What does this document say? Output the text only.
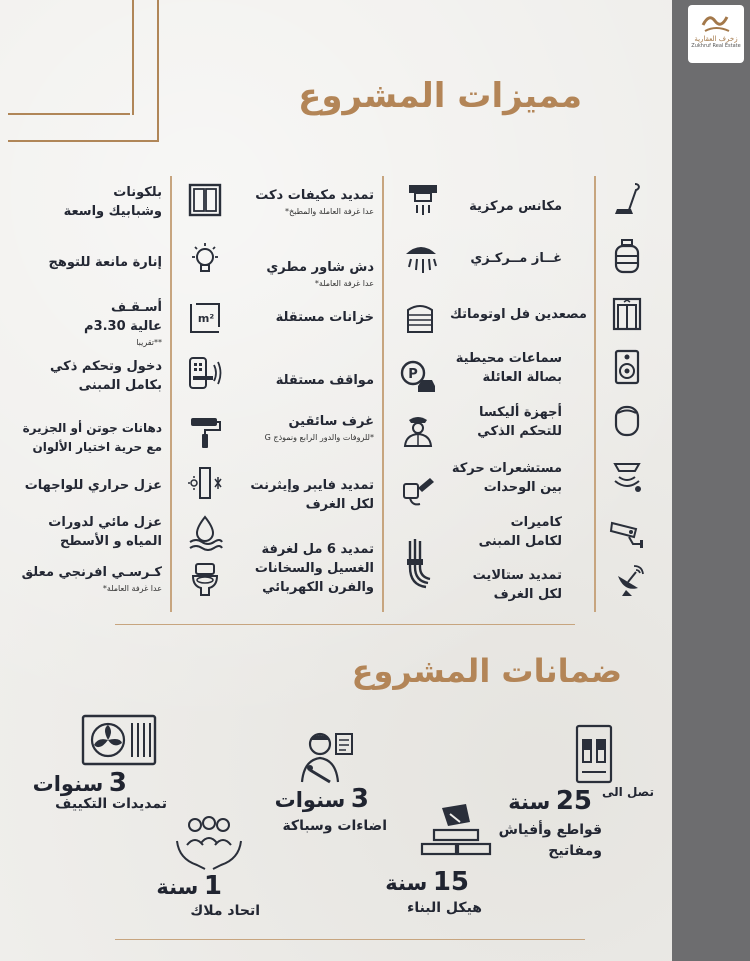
مميزات المشروع
مكانس مركزية
غــاز مــركـزي
مصعدين فل اوتوماتك
سماعات محيطية
بصالة العائلة
أجهزة أليكسا
للتحكم الذكي
مستشعرات حركة
بين الوحدات
كاميرات
لكامل المبنى
تمديد ستالايت
لكل الغرف
P
تمديد مكيفات دكت
عدا غرفة العاملة والمطبخ*
دش شاور مطري
عدا غرفة العاملة*
خزانات مستقلة
مواقف مستقلة
غرف سائقين
*للروفات والدور الرابع ونموذج G
تمديد فايبر وإيثرنت
لكل الغرف
تمديد 6 مل لغرفة
الغسيل والسخانات
والفرن الكهربائي
m²
بلكونات
وشبابيك واسعة
إنارة مانعة للتوهج
أسـقـف
عالية 3.30م
**تقريبا
دخول وتحكم ذكي
بكامل المبنى
دهانات جوتن أو الجزيرة
مع حرية اختيار الألوان
عزل حراري للواجهات
عزل مائي لدورات
المياه و الأسطح
كـرسـي افرنجي معلق
عدا غرفة العاملة*
ضمانات المشروع
تصل الى
25 سنة
قواطع وأفياش
ومفاتيح
3 سنوات
اضاءات وسباكة
3 سنوات
تمديدات التكييف
15 سنة
هيكل البناء
1 سنة
اتحاد ملاك
زخرف العقارية
Zukhruf Real Estate
